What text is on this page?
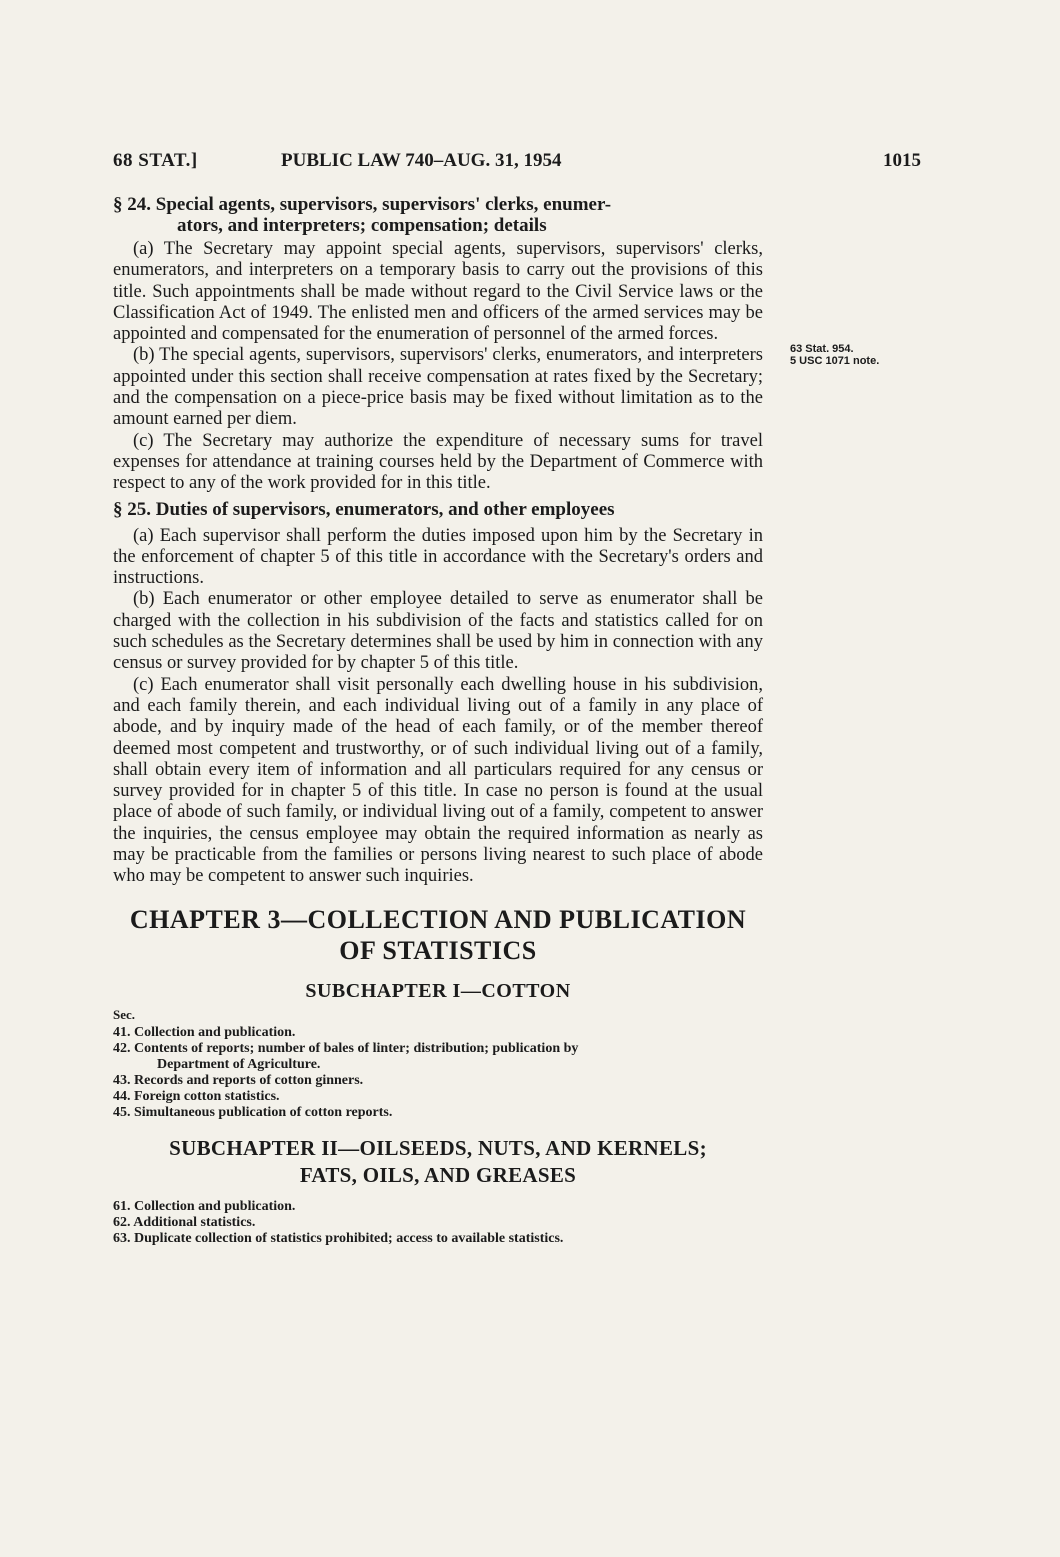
68 STAT.]	PUBLIC LAW 740–AUG. 31, 1954	1015
63 Stat. 954.
5 USC 1071 note.
§ 24. Special agents, supervisors, supervisors' clerks, enumer-
ators, and interpreters; compensation; details

(a) The Secretary may appoint special agents, supervisors, supervisors' clerks, enumerators, and interpreters on a temporary basis to carry out the provisions of this title. Such appointments shall be made without regard to the Civil Service laws or the Classification Act of 1949. The enlisted men and officers of the armed services may be appointed and compensated for the enumeration of personnel of the armed forces.

(b) The special agents, supervisors, supervisors' clerks, enumerators, and interpreters appointed under this section shall receive compensation at rates fixed by the Secretary; and the compensation on a piece-price basis may be fixed without limitation as to the amount earned per diem.

(c) The Secretary may authorize the expenditure of necessary sums for travel expenses for attendance at training courses held by the Department of Commerce with respect to any of the work provided for in this title.

§ 25. Duties of supervisors, enumerators, and other employees

(a) Each supervisor shall perform the duties imposed upon him by the Secretary in the enforcement of chapter 5 of this title in accordance with the Secretary's orders and instructions.

(b) Each enumerator or other employee detailed to serve as enumerator shall be charged with the collection in his subdivision of the facts and statistics called for on such schedules as the Secretary determines shall be used by him in connection with any census or survey provided for by chapter 5 of this title.

(c) Each enumerator shall visit personally each dwelling house in his subdivision, and each family therein, and each individual living out of a family in any place of abode, and by inquiry made of the head of each family, or of the member thereof deemed most competent and trustworthy, or of such individual living out of a family, shall obtain every item of information and all particulars required for any census or survey provided for in chapter 5 of this title. In case no person is found at the usual place of abode of such family, or individual living out of a family, competent to answer the inquiries, the census employee may obtain the required information as nearly as may be practicable from the families or persons living nearest to such place of abode who may be competent to answer such inquiries.

CHAPTER 3—COLLECTION AND PUBLICATION
OF STATISTICS
SUBCHAPTER I—COTTON
Sec.
41. Collection and publication.
42. Contents of reports; number of bales of linter; distribution; publication by
Department of Agriculture.
43. Records and reports of cotton ginners.
44. Foreign cotton statistics.
45. Simultaneous publication of cotton reports.
SUBCHAPTER II—OILSEEDS, NUTS, AND KERNELS;
FATS, OILS, AND GREASES
61. Collection and publication.
62. Additional statistics.
63. Duplicate collection of statistics prohibited; access to available statistics.
